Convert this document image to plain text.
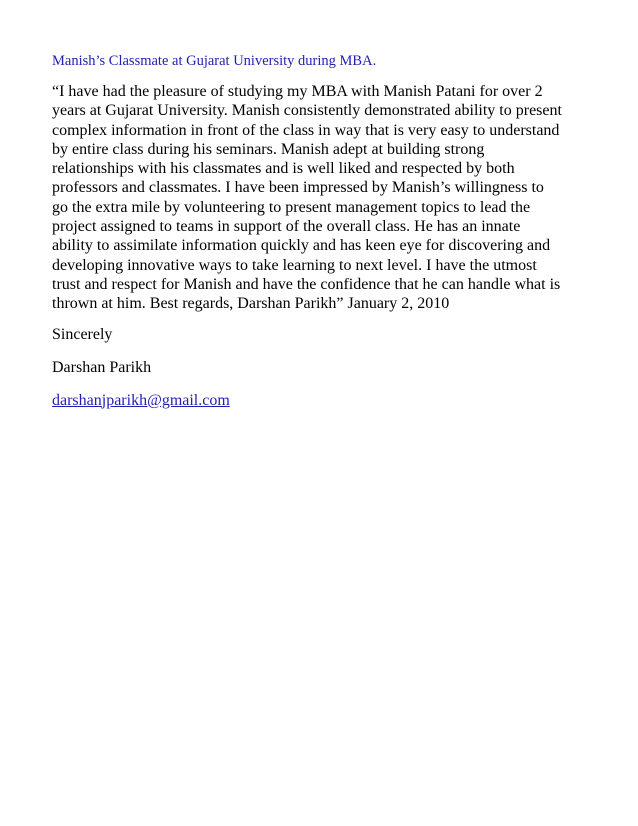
Manish’s Classmate at Gujarat University during MBA.

“I have had the pleasure of studying my MBA with Manish Patani for over 2
years at Gujarat University. Manish consistently demonstrated ability to present
complex information in front of the class in way that is very easy to understand
by entire class during his seminars. Manish adept at building strong
relationships with his classmates and is well liked and respected by both
professors and classmates. I have been impressed by Manish’s willingness to
go the extra mile by volunteering to present management topics to lead the
project assigned to teams in support of the overall class. He has an innate
ability to assimilate information quickly and has keen eye for discovering and
developing innovative ways to take learning to next level. I have the utmost
trust and respect for Manish and have the confidence that he can handle what is
thrown at him. Best regards, Darshan Parikh” January 2, 2010

Sincerely

Darshan Parikh

darshanjparikh@gmail.com
